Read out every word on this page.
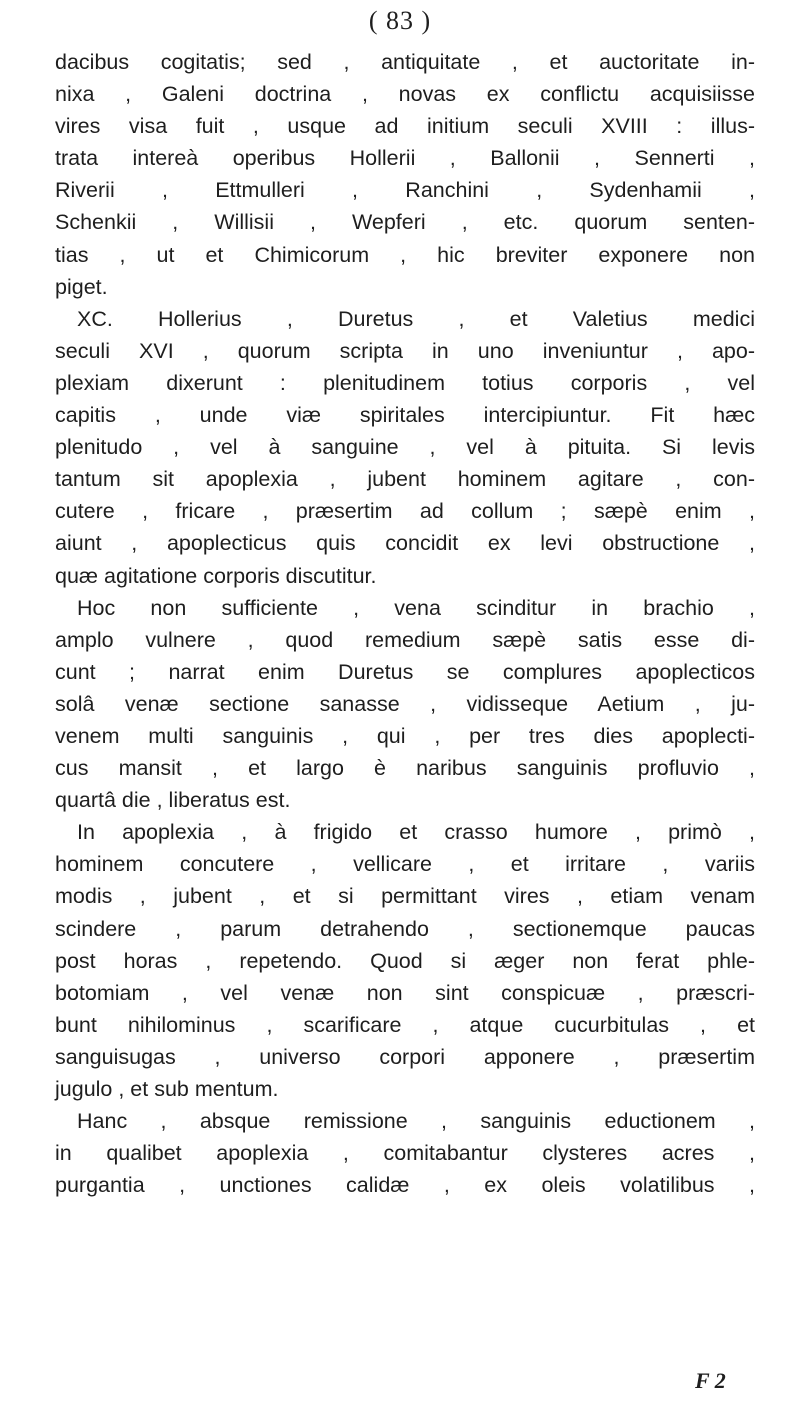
( 83 )
dacibus cogitatis; sed , antiquitate , et auctoritate in-
nixa , Galeni doctrina , novas ex conflictu acquisiisse
vires visa fuit , usque ad initium seculi XVIII : illus-
trata intereà operibus Hollerii , Ballonii , Sennerti ,
Riverii , Ettmulleri , Ranchini , Sydenhamii ,
Schenkii , Willisii , Wepferi , etc. quorum senten-
tias , ut et Chimicorum , hic breviter exponere non
piget.
XC. Hollerius , Duretus , et Valetius medici
seculi XVI , quorum scripta in uno inveniuntur , apo-
plexiam dixerunt : plenitudinem totius corporis , vel
capitis , unde viæ spiritales intercipiuntur. Fit hæc
plenitudo , vel à sanguine , vel à pituita. Si levis
tantum sit apoplexia , jubent hominem agitare , con-
cutere , fricare , præsertim ad collum ; sæpè enim ,
aiunt , apoplecticus quis concidit ex levi obstructione ,
quæ agitatione corporis discutitur.
Hoc non sufficiente , vena scinditur in brachio ,
amplo vulnere , quod remedium sæpè satis esse di-
cunt ; narrat enim Duretus se complures apoplecticos
solâ venæ sectione sanasse , vidisseque Aetium , ju-
venem multi sanguinis , qui , per tres dies apoplecti-
cus mansit , et largo è naribus sanguinis profluvio ,
quartâ die , liberatus est.
In apoplexia , à frigido et crasso humore , primò ,
hominem concutere , vellicare , et irritare , variis
modis , jubent , et si permittant vires , etiam venam
scindere , parum detrahendo , sectionemque paucas
post horas , repetendo. Quod si æger non ferat phle-
botomiam , vel venæ non sint conspicuæ , præscri-
bunt nihilominus , scarificare , atque cucurbitulas , et
sanguisugas , universo corpori apponere , præsertim
jugulo , et sub mentum.
Hanc , absque remissione , sanguinis eductionem ,
in qualibet apoplexia , comitabantur clysteres acres ,
purgantia , unctiones calidæ , ex oleis volatilibus ,
F 2
